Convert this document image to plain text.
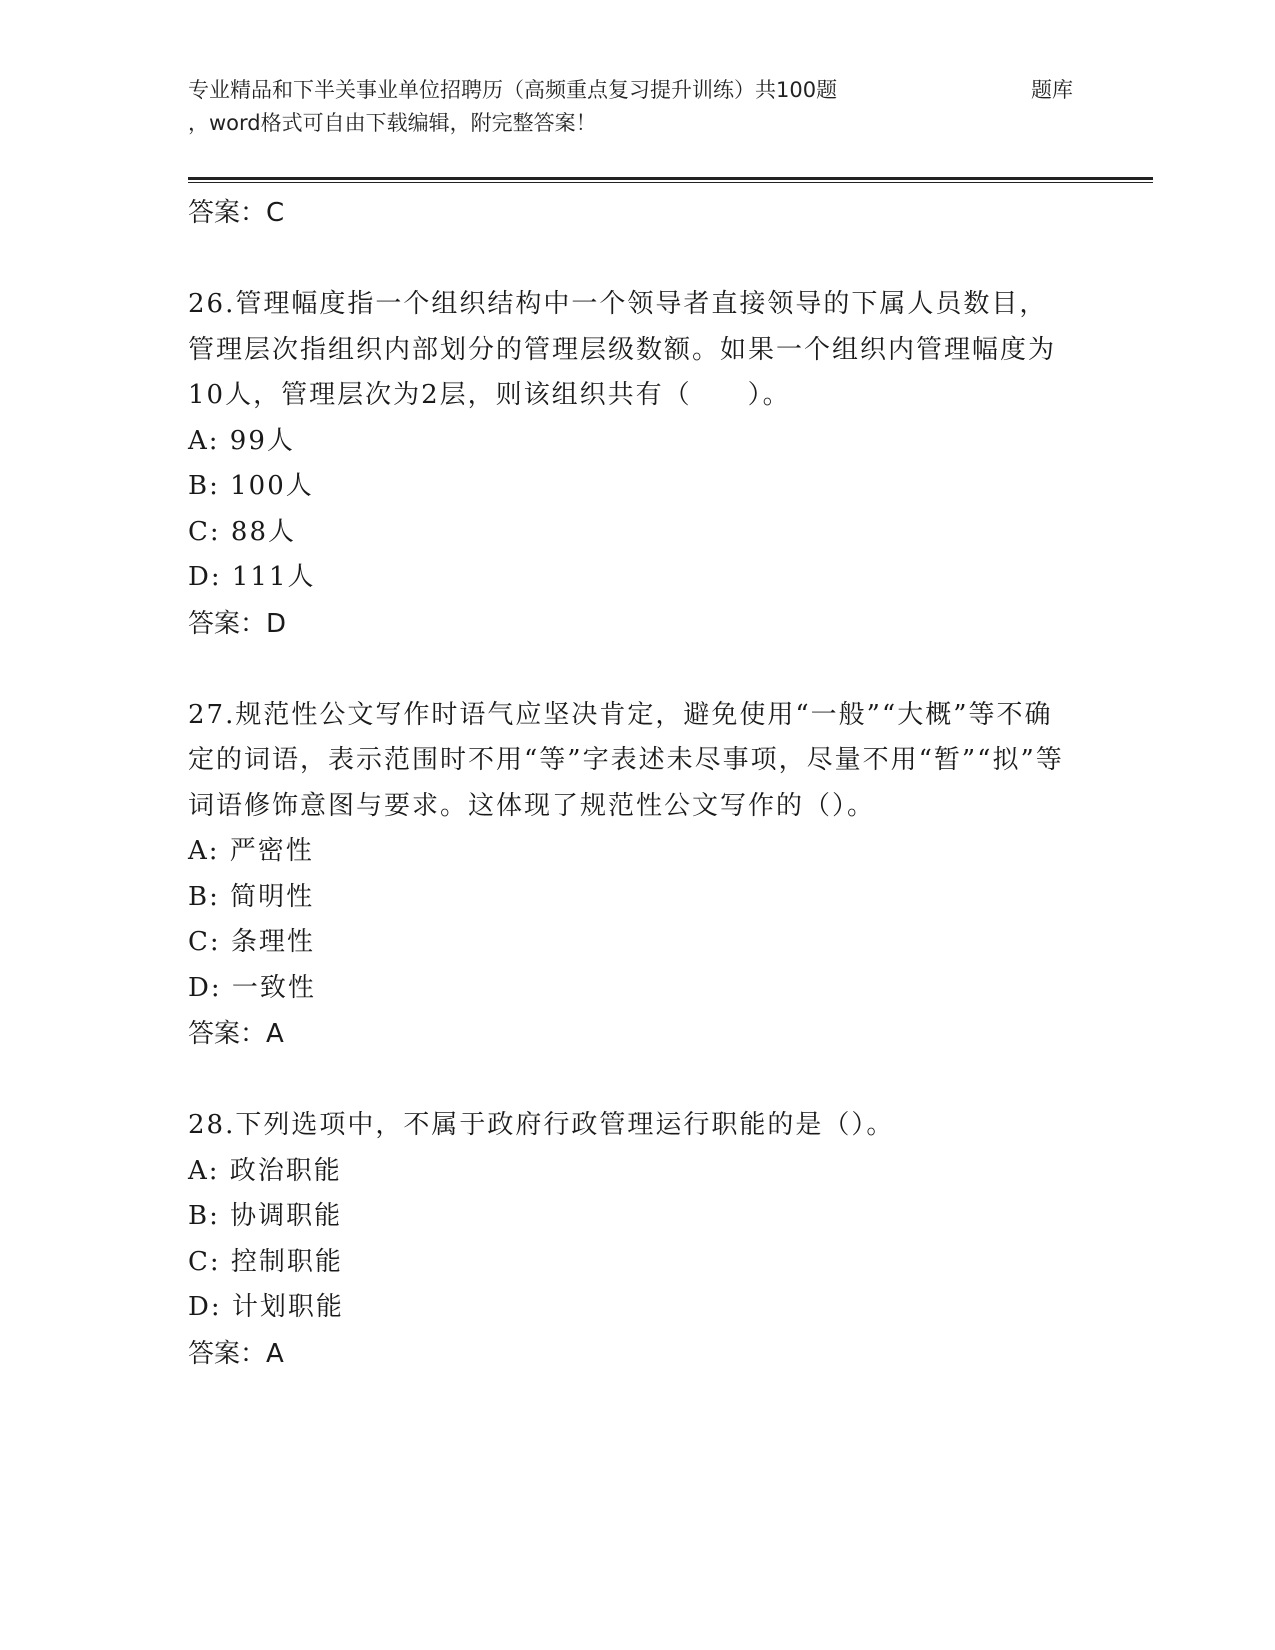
专业精品和下半关事业单位招聘历（高频重点复习提升训练）共100题	题库
，word格式可自由下载编辑，附完整答案！
答案：C
26.管理幅度指一个组织结构中一个领导者直接领导的下属人员数目，管理层次指组织内部划分的管理层级数额。如果一个组织内管理幅度为10人，管理层次为2层，则该组织共有（　　）。
A: 99人
B: 100人
C: 88人
D: 111人
答案：D
27.规范性公文写作时语气应坚决肯定，避免使用“一般”“大概”等不确定的词语，表示范围时不用“等”字表述未尽事项，尽量不用“暂”“拟”等词语修饰意图与要求。这体现了规范性公文写作的（）。
A: 严密性
B: 简明性
C: 条理性
D: 一致性
答案：A
28.下列选项中，不属于政府行政管理运行职能的是（）。
A: 政治职能
B: 协调职能
C: 控制职能
D: 计划职能
答案：A
